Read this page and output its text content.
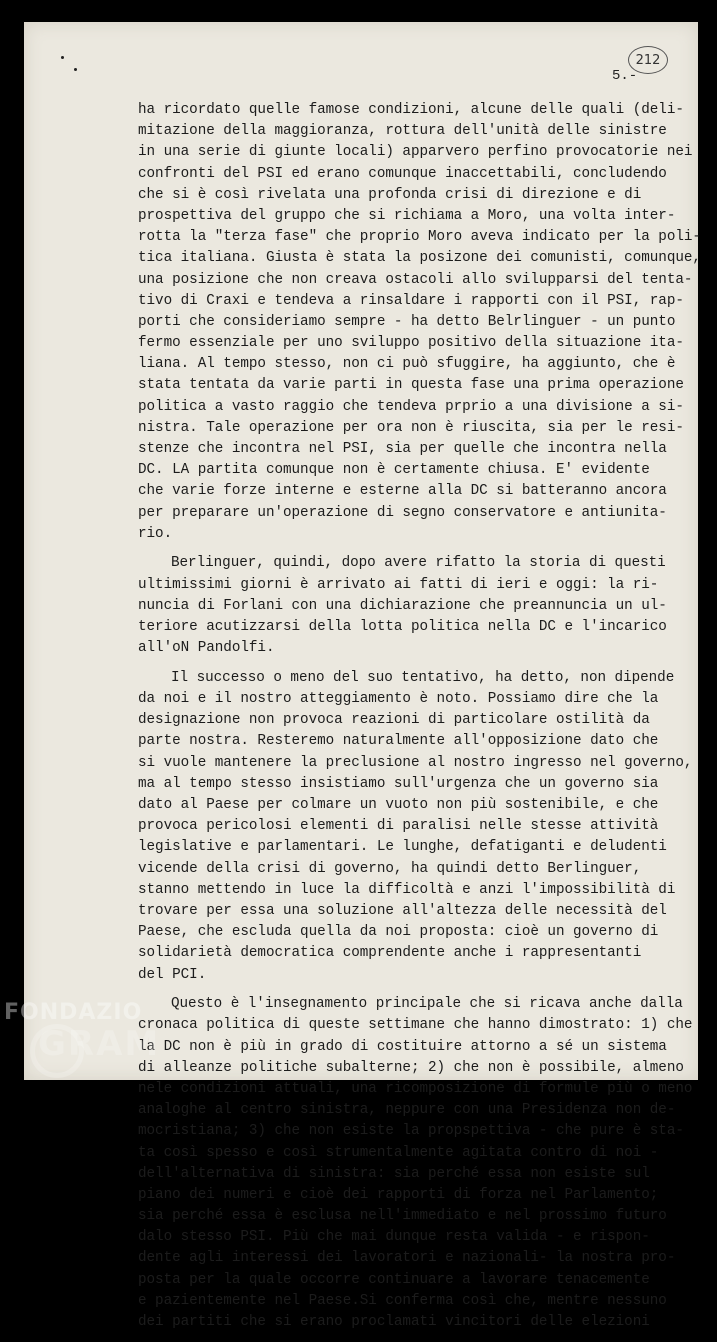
212
5.-
ha ricordato quelle famose condizioni, alcune delle quali (deli-
mitazione della maggioranza, rottura dell'unità delle sinistre
in una serie di giunte locali) apparvero perfino provocatorie nei
confronti del PSI ed erano comunque inaccettabili, concludendo
che si è così rivelata una profonda crisi di direzione e di
prospettiva del gruppo che si richiama a Moro, una volta inter-
rotta la "terza fase" che proprio Moro aveva indicato per la poli-
tica italiana. Giusta è stata la posizone dei comunisti, comunque,
una posizione che non creava ostacoli allo svilupparsi del tenta-
tivo di Craxi e tendeva a rinsaldare i rapporti con il PSI, rap-
porti che consideriamo sempre - ha detto Belrlinguer - un punto
fermo essenziale per uno sviluppo positivo della situazione ita-
liana. Al tempo stesso, non ci può sfuggire, ha aggiunto, che è
stata tentata da varie parti in questa fase una prima operazione
politica a vasto raggio che tendeva prprio a una divisione a si-
nistra. Tale operazione per ora non è riuscita, sia per le resi-
stenze che incontra nel PSI, sia per quelle che incontra nella
DC. LA partita comunque non è certamente chiusa. E' evidente
che varie forze interne e esterne alla DC si batteranno ancora
per preparare un'operazione di segno conservatore e antiunita-
rio.
Berlinguer, quindi, dopo avere rifatto la storia di questi
ultimissimi giorni è arrivato ai fatti di ieri e oggi: la ri-
nuncia di Forlani con una dichiarazione che preannuncia un ul-
teriore acutizzarsi della lotta politica nella DC e l'incarico
all'oN Pandolfi.
Il successo o meno del suo tentativo, ha detto, non dipende
da noi e il nostro atteggiamento è noto. Possiamo dire che la
designazione non provoca reazioni di particolare ostilità da
parte nostra. Resteremo naturalmente all'opposizione dato che
si vuole mantenere la preclusione al nostro ingresso nel governo,
ma al tempo stesso insistiamo sull'urgenza che un governo sia
dato al Paese per colmare un vuoto non più sostenibile, e che
provoca pericolosi elementi di paralisi nelle stesse attività
legislative e parlamentari. Le lunghe, defatiganti e deludenti
vicende della crisi di governo, ha quindi detto Berlinguer,
stanno mettendo in luce la difficoltà e anzi l'impossibilità di
trovare per essa una soluzione all'altezza delle necessità del
Paese, che escluda quella da noi proposta: cioè un governo di
solidarietà democratica comprendente anche i rappresentanti
del PCI.
Questo è l'insegnamento principale che si ricava anche dalla
cronaca politica di queste settimane che hanno dimostrato: 1) che
la DC non è più in grado di costituire attorno a sé un sistema
di alleanze politiche subalterne; 2) che non è possibile, almeno
nele condizioni attuali, una ricomposizione di formule più o meno
analoghe al centro sinistra, neppure con una Presidenza non de-
mocristiana; 3) che non esiste la propspettiva - che pure è sta-
ta così spesso e così strumentalmente agitata contro di noi -
dell'alternativa di sinistra: sia perché essa non esiste sul
piano dei numeri e cioè dei rapporti di forza nel Parlamento;
sia perché essa è esclusa nell'immediato e nel prossimo futuro
dalo stesso PSI. Più che mai dunque resta valida - e rispon-
dente agli interessi dei lavoratori e nazionali- la nostra pro-
posta per la quale occorre continuare a lavorare tenacemente
e pazientemente nel Paese.Si conferma così che, mentre nessuno
dei partiti che si erano proclamati vincitori delle elezioni
FONDAZIO
GRAM
